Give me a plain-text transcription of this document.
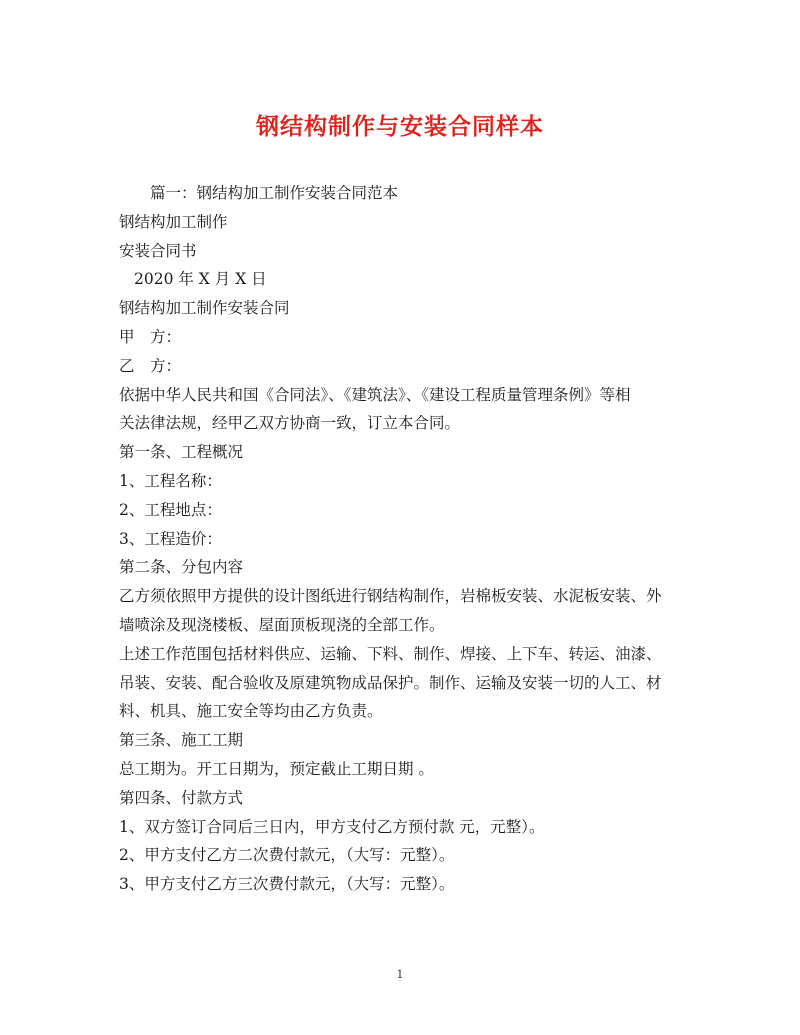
钢结构制作与安装合同样本

篇一：钢结构加工制作安装合同范本

钢结构加工制作

安装合同书

2020 年 X 月 X 日

钢结构加工制作安装合同

甲　方：

乙　方：

依据中华人民共和国《合同法》、《建筑法》、《建设工程质量管理条例》等相

关法律法规，经甲乙双方协商一致，订立本合同。

第一条、工程概况

1、工程名称：

2、工程地点：

3、工程造价：

第二条、分包内容

乙方须依照甲方提供的设计图纸进行钢结构制作，岩棉板安装、水泥板安装、外

墙喷涂及现浇楼板、屋面顶板现浇的全部工作。

上述工作范围包括材料供应、运输、下料、制作、焊接、上下车、转运、油漆、

吊装、安装、配合验收及原建筑物成品保护。制作、运输及安装一切的人工、材

料、机具、施工安全等均由乙方负责。

第三条、施工工期

总工期为。开工日期为，预定截止工期日期 。

第四条、付款方式

1、双方签订合同后三日内，甲方支付乙方预付款 元，元整）。

2、甲方支付乙方二次费付款元，（大写：元整）。

3、甲方支付乙方三次费付款元，（大写：元整）。

1
